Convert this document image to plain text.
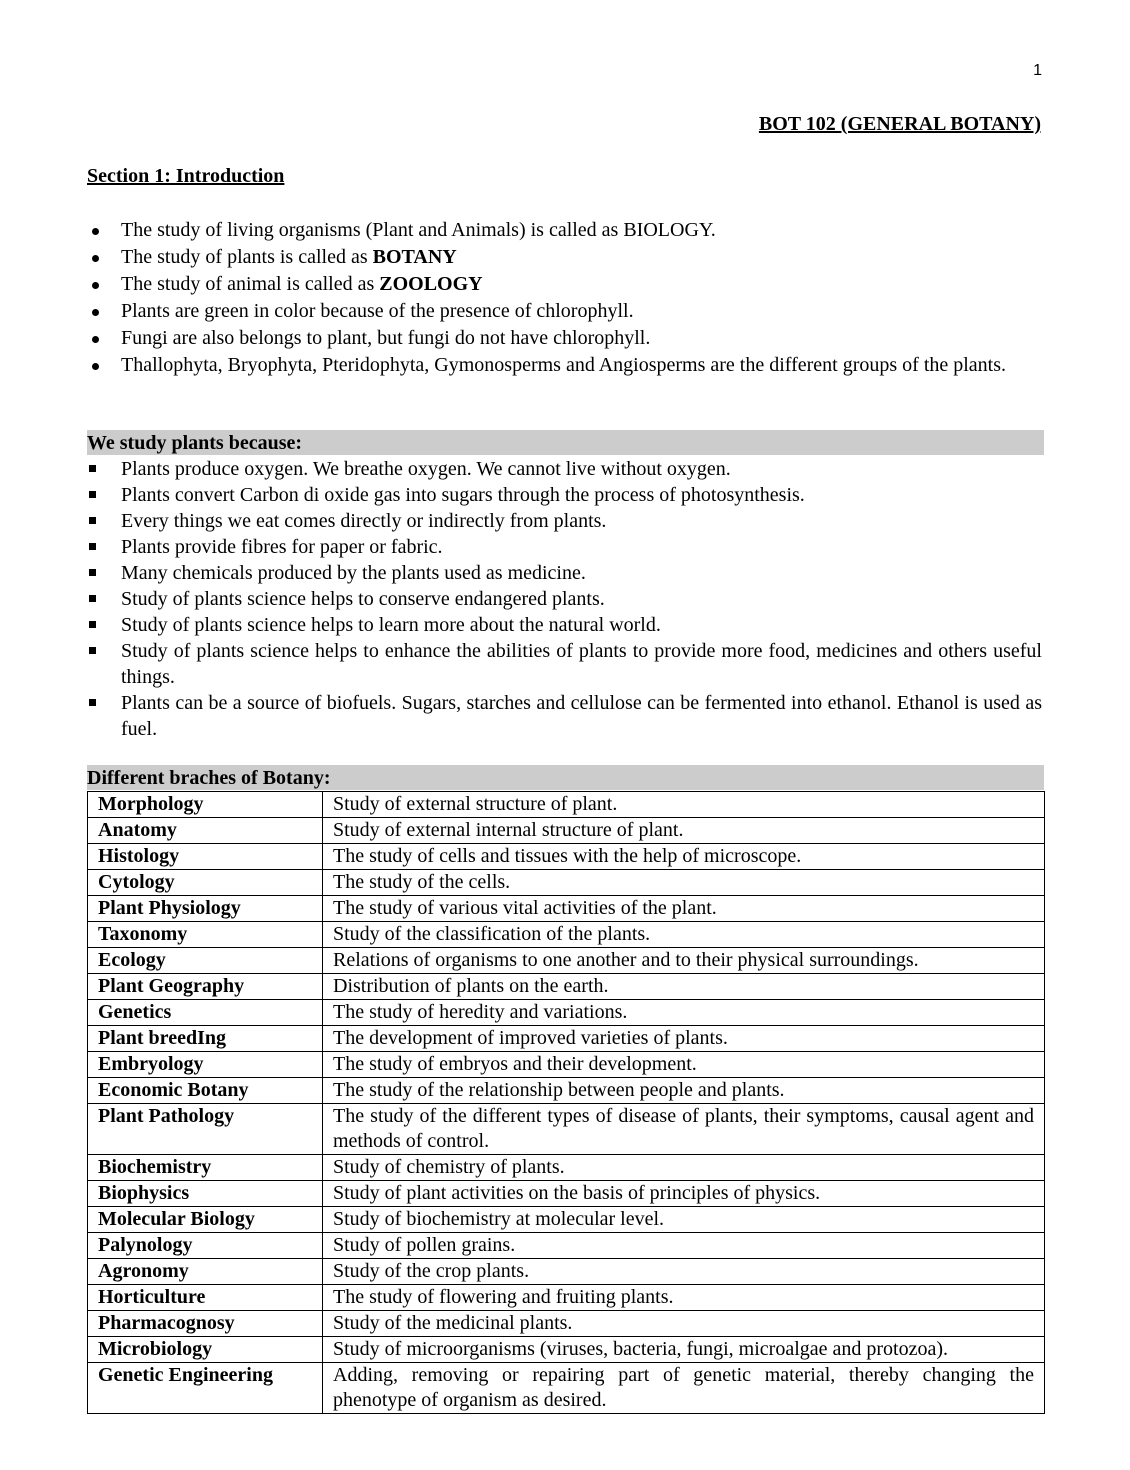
1
BOT 102 (GENERAL BOTANY)
Section 1: Introduction
The study of living organisms (Plant and Animals) is called as BIOLOGY.
The study of plants is called as BOTANY
The study of animal is called as ZOOLOGY
Plants are green in color because of the presence of chlorophyll.
Fungi are also belongs to plant, but fungi do not have chlorophyll.
Thallophyta, Bryophyta, Pteridophyta, Gymonosperms and Angiosperms are the different groups of the plants.
We study plants because:
Plants produce oxygen. We breathe oxygen. We cannot live without oxygen.
Plants convert Carbon di oxide gas into sugars through the process of photosynthesis.
Every things we eat comes directly or indirectly from plants.
Plants provide fibres for paper or fabric.
Many chemicals produced by the plants used as medicine.
Study of plants science helps to conserve endangered plants.
Study of plants science helps to learn more about the natural world.
Study of plants science helps to enhance the abilities of plants to provide more food, medicines and others useful things.
Plants can be a source of biofuels. Sugars, starches and cellulose can be fermented into ethanol. Ethanol is used as fuel.
Different braches of Botany:
Morphology	Study of external structure of plant.
Anatomy	Study of external internal structure of plant.
Histology	The study of cells and tissues with the help of microscope.
Cytology	The study of the cells.
Plant Physiology	The study of various vital activities of the plant.
Taxonomy	Study of the classification of the plants.
Ecology	Relations of organisms to one another and to their physical surroundings.
Plant Geography	Distribution of plants on the earth.
Genetics	The study of heredity and variations.
Plant breedIng	The development of improved varieties of plants.
Embryology	The study of embryos and their development.
Economic Botany	The study of the relationship between people and plants.
Plant Pathology	The study of the different types of disease of plants, their symptoms, causal agent and methods of control.
Biochemistry	Study of chemistry of plants.
Biophysics	Study of plant activities on the basis of principles of physics.
Molecular Biology	Study of biochemistry at molecular level.
Palynology	Study of pollen grains.
Agronomy	Study of the crop plants.
Horticulture	The study of flowering and fruiting plants.
Pharmacognosy	Study of the medicinal plants.
Microbiology	Study of microorganisms (viruses, bacteria, fungi, microalgae and protozoa).
Genetic Engineering	Adding, removing or repairing part of genetic material, thereby changing the phenotype of organism as desired.
